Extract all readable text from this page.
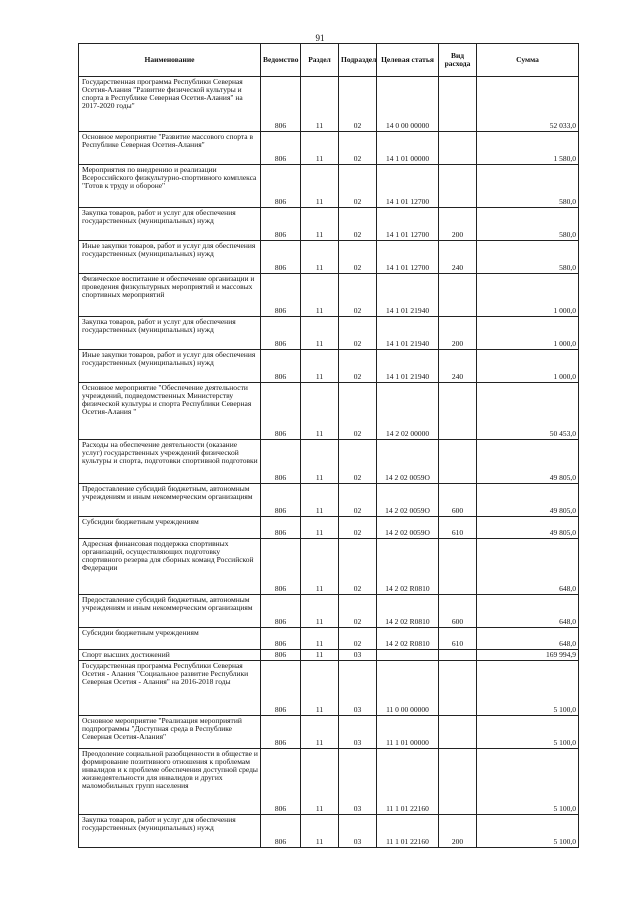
91
Наименование	Ведомство	Раздел	Подраздел	Целевая статья	Вид расхода	Сумма
Государственная программа Республики Северная Осетия-Алания "Развитие физической культуры и спорта в Республике Северная Осетия-Алания" на 2017-2020 годы"	806	11	02	14 0 00 00000		52 033,0
Основное мероприятие "Развитие массового спорта в Республике Северная Осетия-Алания"	806	11	02	14 1 01 00000		1 580,0
Мероприятия по внедрению и реализации Всероссийского физкультурно-спортивного комплекса "Готов к труду и обороне"	806	11	02	14 1 01 12700		580,0
Закупка товаров, работ и услуг для обеспечения государственных (муниципальных) нужд	806	11	02	14 1 01 12700	200	580,0
Иные закупки товаров, работ и услуг для обеспечения государственных (муниципальных) нужд	806	11	02	14 1 01 12700	240	580,0
Физическое воспитание и обеспечение организации и проведения физкультурных мероприятий и массовых спортивных мероприятий	806	11	02	14 1 01 21940		1 000,0
Закупка товаров, работ и услуг для обеспечения государственных (муниципальных) нужд	806	11	02	14 1 01 21940	200	1 000,0
Иные закупки товаров, работ и услуг для обеспечения государственных (муниципальных) нужд	806	11	02	14 1 01 21940	240	1 000,0
Основное мероприятие "Обеспечение деятельности учреждений, подведомственных Министерству физической культуры и спорта Республики Северная Осетия-Алания "	806	11	02	14 2 02 00000		50 453,0
Расходы на обеспечение деятельности (оказание услуг) государственных учреждений физической культуры и спорта, подготовки спортивной подготовки	806	11	02	14 2 02 0059О		49 805,0
Предоставление субсидий бюджетным, автономным учреждениям и иным некоммерческим организациям	806	11	02	14 2 02 0059О	600	49 805,0
Субсидии бюджетным учреждениям	806	11	02	14 2 02 0059О	610	49 805,0
Адресная финансовая поддержка спортивных организаций, осуществляющих подготовку спортивного резерва для сборных команд Российской Федерации	806	11	02	14 2 02 R0810		648,0
Предоставление субсидий бюджетным, автономным учреждениям и иным некоммерческим организациям	806	11	02	14 2 02 R0810	600	648,0
Субсидии бюджетным учреждениям	806	11	02	14 2 02 R0810	610	648,0
Спорт высших достижений	806	11	03			169 994,9
Государственная программа Республики Северная Осетия - Алания "Социальное развитие Республики Северная Осетия - Алания" на 2016-2018 годы	806	11	03	11 0 00 00000		5 100,0
Основное мероприятие "Реализация мероприятий подпрограммы "Доступная среда в Республике Северная Осетия-Алания"	806	11	03	11 1 01 00000		5 100,0
Преодоление социальной разобщенности в обществе и формирование позитивного отношения к проблемам инвалидов и к проблеме обеспечения доступной среды жизнедеятельности для инвалидов и других маломобильных групп населения	806	11	03	11 1 01 22160		5 100,0
Закупка товаров, работ и услуг для обеспечения государственных (муниципальных) нужд	806	11	03	11 1 01 22160	200	5 100,0
